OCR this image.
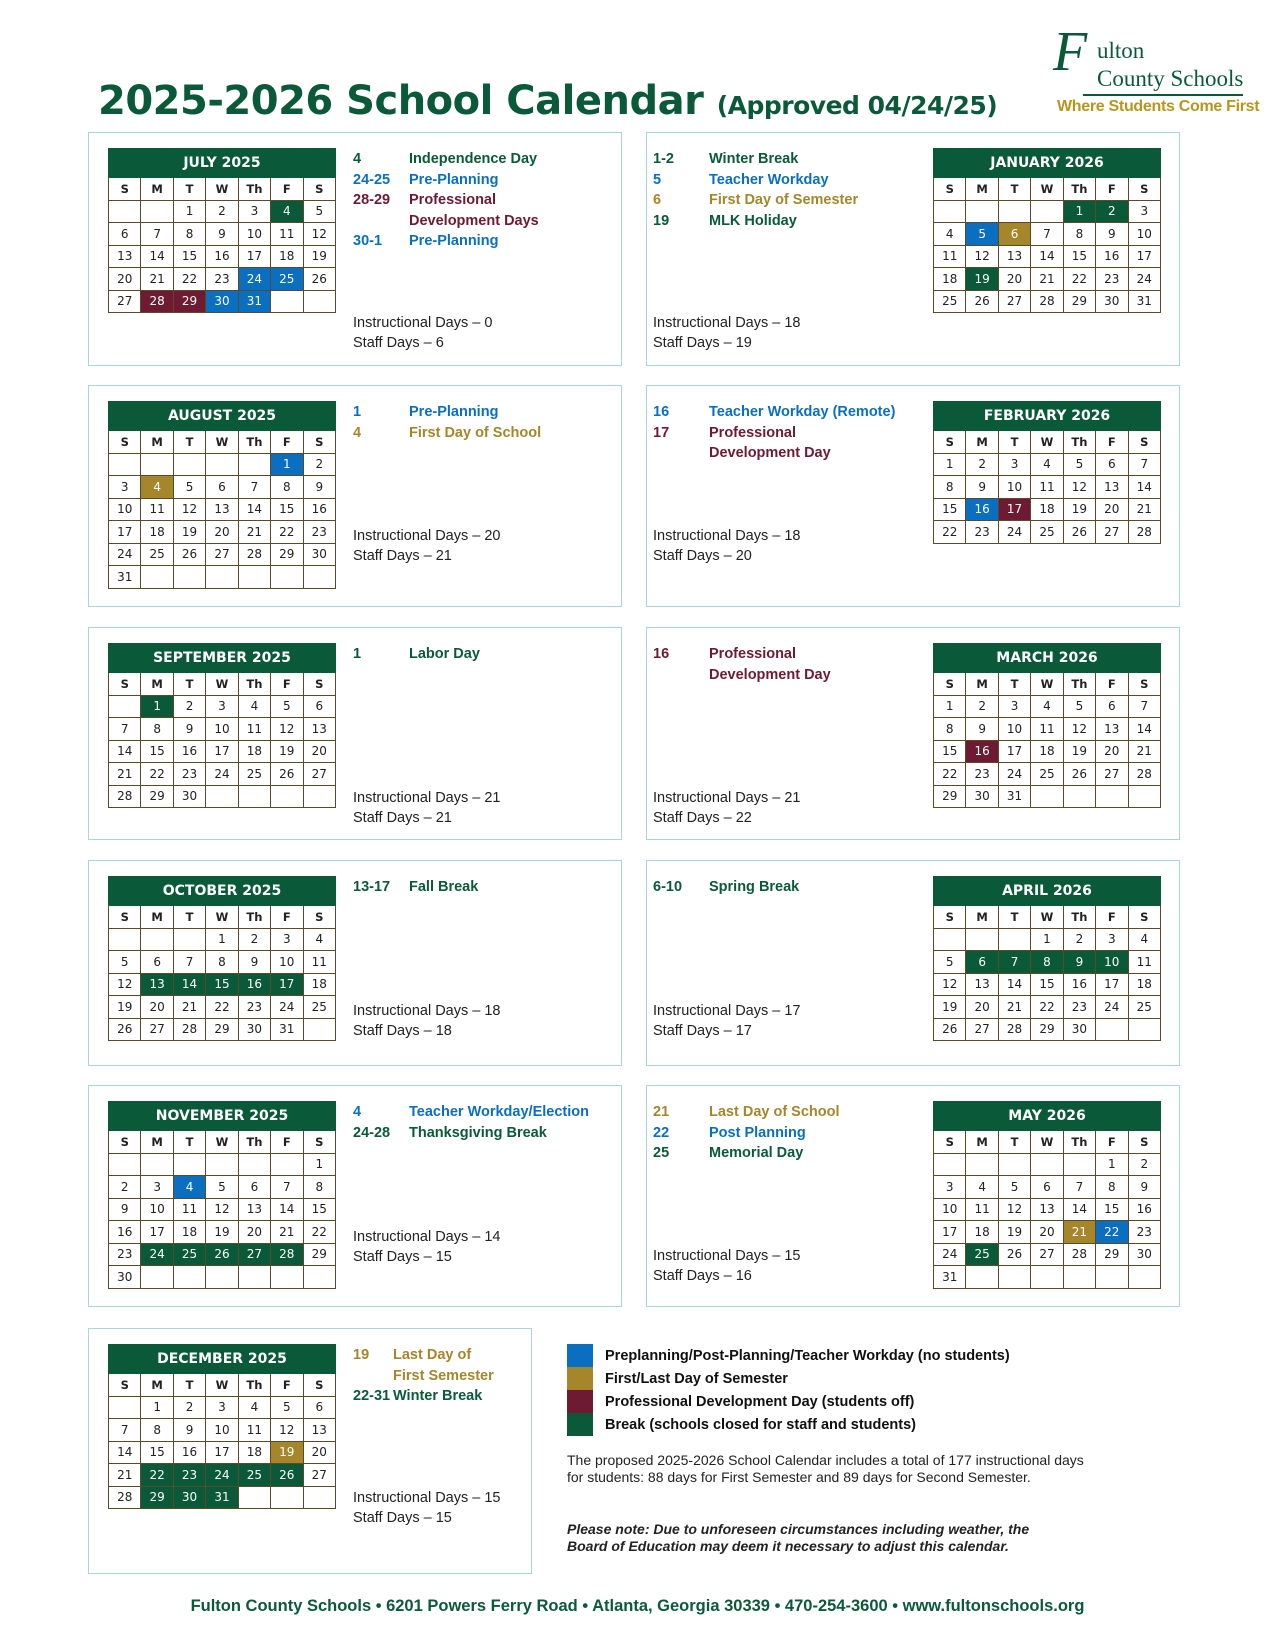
2025-2026 School Calendar (Approved 04/24/25)
F ulton
County Schools
Where Students Come First
JULY 2025						
S	M	T	W	Th	F	S
		1	2	3	4	5
6	7	8	9	10	11	12
13	14	15	16	17	18	19
20	21	22	23	24	25	26
27	28	29	30	31		
4	Independence Day
24-25	Pre-Planning
28-29	Professional
Development Days
30-1	Pre-Planning
Instructional Days – 0
Staff Days – 6
AUGUST 2025						
S	M	T	W	Th	F	S
					1	2
3	4	5	6	7	8	9
10	11	12	13	14	15	16
17	18	19	20	21	22	23
24	25	26	27	28	29	30
31						
1	Pre-Planning
4	First Day of School
Instructional Days – 20
Staff Days – 21
SEPTEMBER 2025						
S	M	T	W	Th	F	S
	1	2	3	4	5	6
7	8	9	10	11	12	13
14	15	16	17	18	19	20
21	22	23	24	25	26	27
28	29	30				
1	Labor Day
Instructional Days – 21
Staff Days – 21
OCTOBER 2025						
S	M	T	W	Th	F	S
			1	2	3	4
5	6	7	8	9	10	11
12	13	14	15	16	17	18
19	20	21	22	23	24	25
26	27	28	29	30	31	
13-17	Fall Break
Instructional Days – 18
Staff Days – 18
NOVEMBER 2025						
S	M	T	W	Th	F	S
						1
2	3	4	5	6	7	8
9	10	11	12	13	14	15
16	17	18	19	20	21	22
23	24	25	26	27	28	29
30						
4	Teacher Workday/Election
24-28	Thanksgiving Break
Instructional Days – 14
Staff Days – 15
DECEMBER 2025						
S	M	T	W	Th	F	S
	1	2	3	4	5	6
7	8	9	10	11	12	13
14	15	16	17	18	19	20
21	22	23	24	25	26	27
28	29	30	31			
19	Last Day of
First Semester
22-31 Winter Break
Instructional Days – 15
Staff Days – 15
JANUARY 2026						
S	M	T	W	Th	F	S
				1	2	3
4	5	6	7	8	9	10
11	12	13	14	15	16	17
18	19	20	21	22	23	24
25	26	27	28	29	30	31
1-2	Winter Break
5	Teacher Workday
6	First Day of Semester
19	MLK Holiday
Instructional Days – 18
Staff Days – 19
FEBRUARY 2026						
S	M	T	W	Th	F	S
1	2	3	4	5	6	7
8	9	10	11	12	13	14
15	16	17	18	19	20	21
22	23	24	25	26	27	28
16	Teacher Workday (Remote)
17	Professional
Development Day
Instructional Days – 18
Staff Days – 20
MARCH 2026						
S	M	T	W	Th	F	S
1	2	3	4	5	6	7
8	9	10	11	12	13	14
15	16	17	18	19	20	21
22	23	24	25	26	27	28
29	30	31				
16	Professional
Development Day
Instructional Days – 21
Staff Days – 22
APRIL 2026						
S	M	T	W	Th	F	S
			1	2	3	4
5	6	7	8	9	10	11
12	13	14	15	16	17	18
19	20	21	22	23	24	25
26	27	28	29	30		
6-10	Spring Break
Instructional Days – 17
Staff Days – 17
MAY 2026						
S	M	T	W	Th	F	S
					1	2
3	4	5	6	7	8	9
10	11	12	13	14	15	16
17	18	19	20	21	22	23
24	25	26	27	28	29	30
31						
21	Last Day of School
22	Post Planning
25	Memorial Day
Instructional Days – 15
Staff Days – 16
Preplanning/Post-Planning/Teacher Workday (no students)
First/Last Day of Semester
Professional Development Day (students off)
Break (schools closed for staff and students)
The proposed 2025-2026 School Calendar includes a total of 177 instructional days for students: 88 days for First Semester and 89 days for Second Semester.
Please note: Due to unforeseen circumstances including weather, the Board of Education may deem it necessary to adjust this calendar.
Fulton County Schools • 6201 Powers Ferry Road • Atlanta, Georgia 30339 • 470-254-3600 • www.fultonschools.org
